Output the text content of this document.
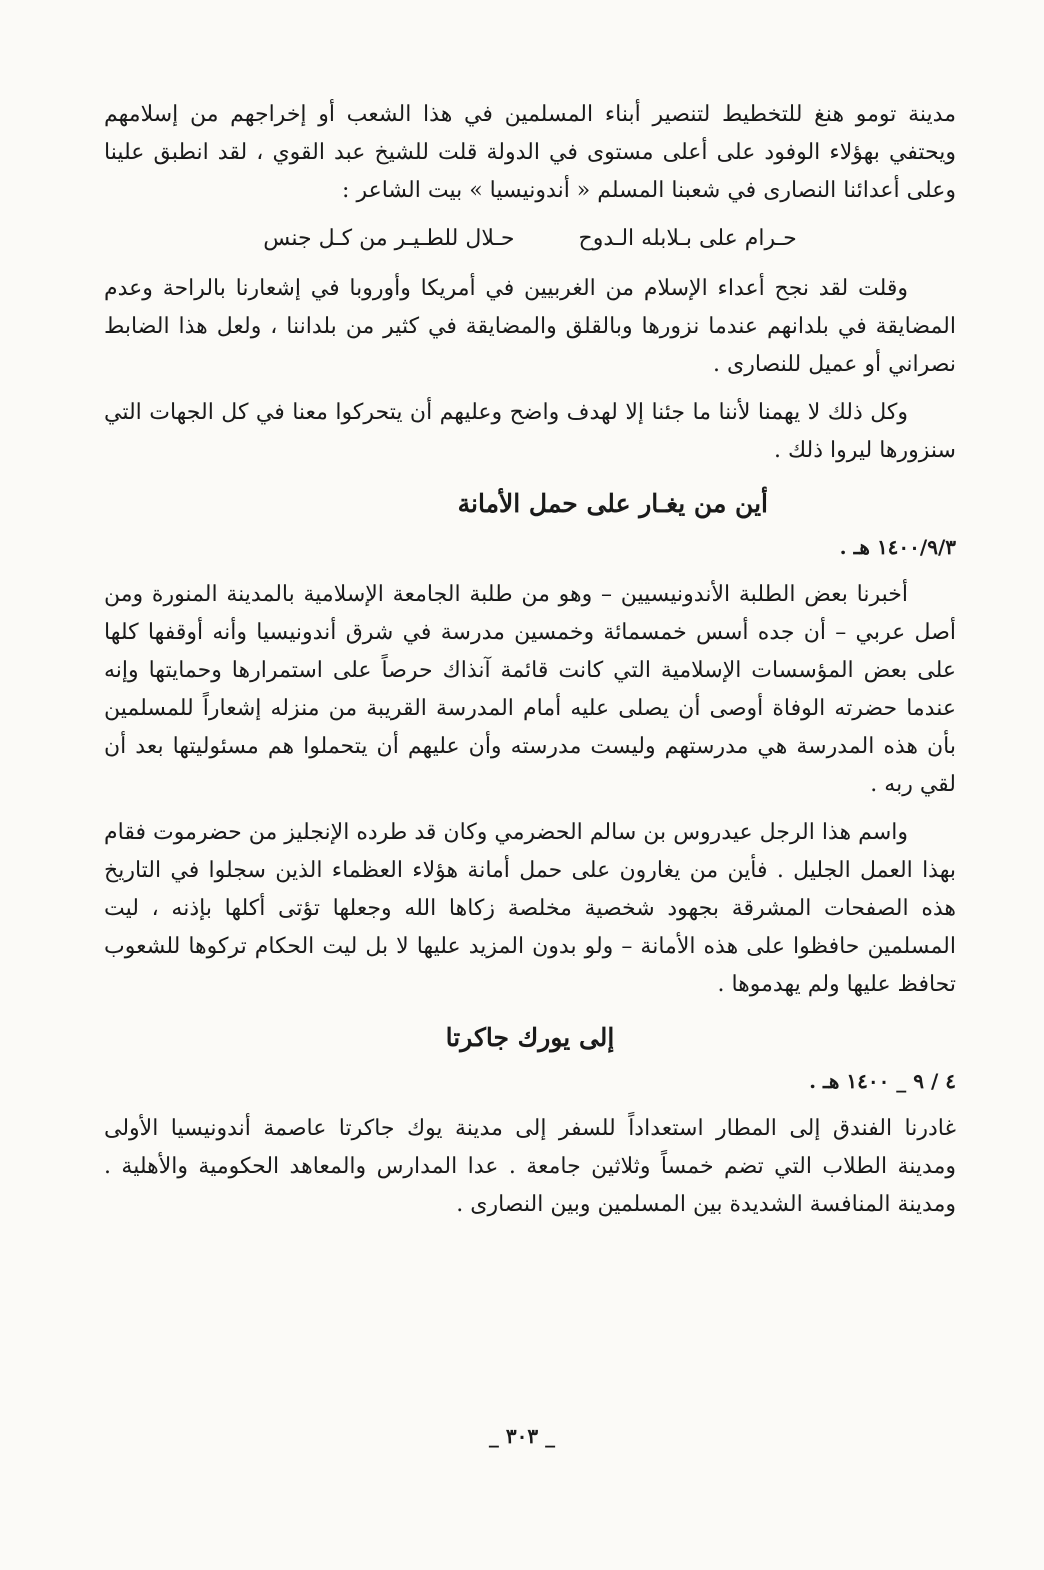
مدينة تومو هنغ للتخطيط لتنصير أبناء المسلمين في هذا الشعب أو إخراجهم من إسلامهم ويحتفي بهؤلاء الوفود على أعلى مستوى في الدولة قلت للشيخ عبد القوي ، لقد انطبق علينا وعلى أعدائنا النصارى في شعبنا المسلم « أندونيسيا » بيت الشاعر :

حـرام على بـلابله الـدوح
حـلال للطـيـر من كـل جنس

وقلت لقد نجح أعداء الإسلام من الغربيين في أمريكا وأوروبا في إشعارنا بالراحة وعدم المضايقة في بلدانهم عندما نزورها وبالقلق والمضايقة في كثير من بلداننا ، ولعل هذا الضابط نصراني أو عميل للنصارى .

وكل ذلك لا يهمنا لأننا ما جئنا إلا لهدف واضح وعليهم أن يتحركوا معنا في كل الجهات التي سنزورها ليروا ذلك .

أين من يغـار على حمل الأمانة
١٤٠٠/٩/٣ هـ .

أخبرنا بعض الطلبة الأندونيسيين – وهو من طلبة الجامعة الإسلامية بالمدينة المنورة ومن أصل عربي – أن جده أسس خمسمائة وخمسين مدرسة في شرق أندونيسيا وأنه أوقفها كلها على بعض المؤسسات الإسلامية التي كانت قائمة آنذاك حرصاً على استمرارها وحمايتها وإنه عندما حضرته الوفاة أوصى أن يصلى عليه أمام المدرسة القريبة من منزله إشعاراً للمسلمين بأن هذه المدرسة هي مدرستهم وليست مدرسته وأن عليهم أن يتحملوا هم مسئوليتها بعد أن لقي ربه .

واسم هذا الرجل عيدروس بن سالم الحضرمي وكان قد طرده الإنجليز من حضرموت فقام بهذا العمل الجليل . فأين من يغارون على حمل أمانة هؤلاء العظماء الذين سجلوا في التاريخ هذه الصفحات المشرقة بجهود شخصية مخلصة زكاها الله وجعلها تؤتى أكلها بإذنه ، ليت المسلمين حافظوا على هذه الأمانة – ولو بدون المزيد عليها لا بل ليت الحكام تركوها للشعوب تحافظ عليها ولم يهدموها .

إلى يورك جاكرتا
٤ / ٩ _ ١٤٠٠ هـ .

غادرنا الفندق إلى المطار استعداداً للسفر إلى مدينة يوك جاكرتا عاصمة أندونيسيا الأولى ومدينة الطلاب التي تضم خمساً وثلاثين جامعة . عدا المدارس والمعاهد الحكومية والأهلية . ومدينة المنافسة الشديدة بين المسلمين وبين النصارى .

_ ٣٠٣ _
